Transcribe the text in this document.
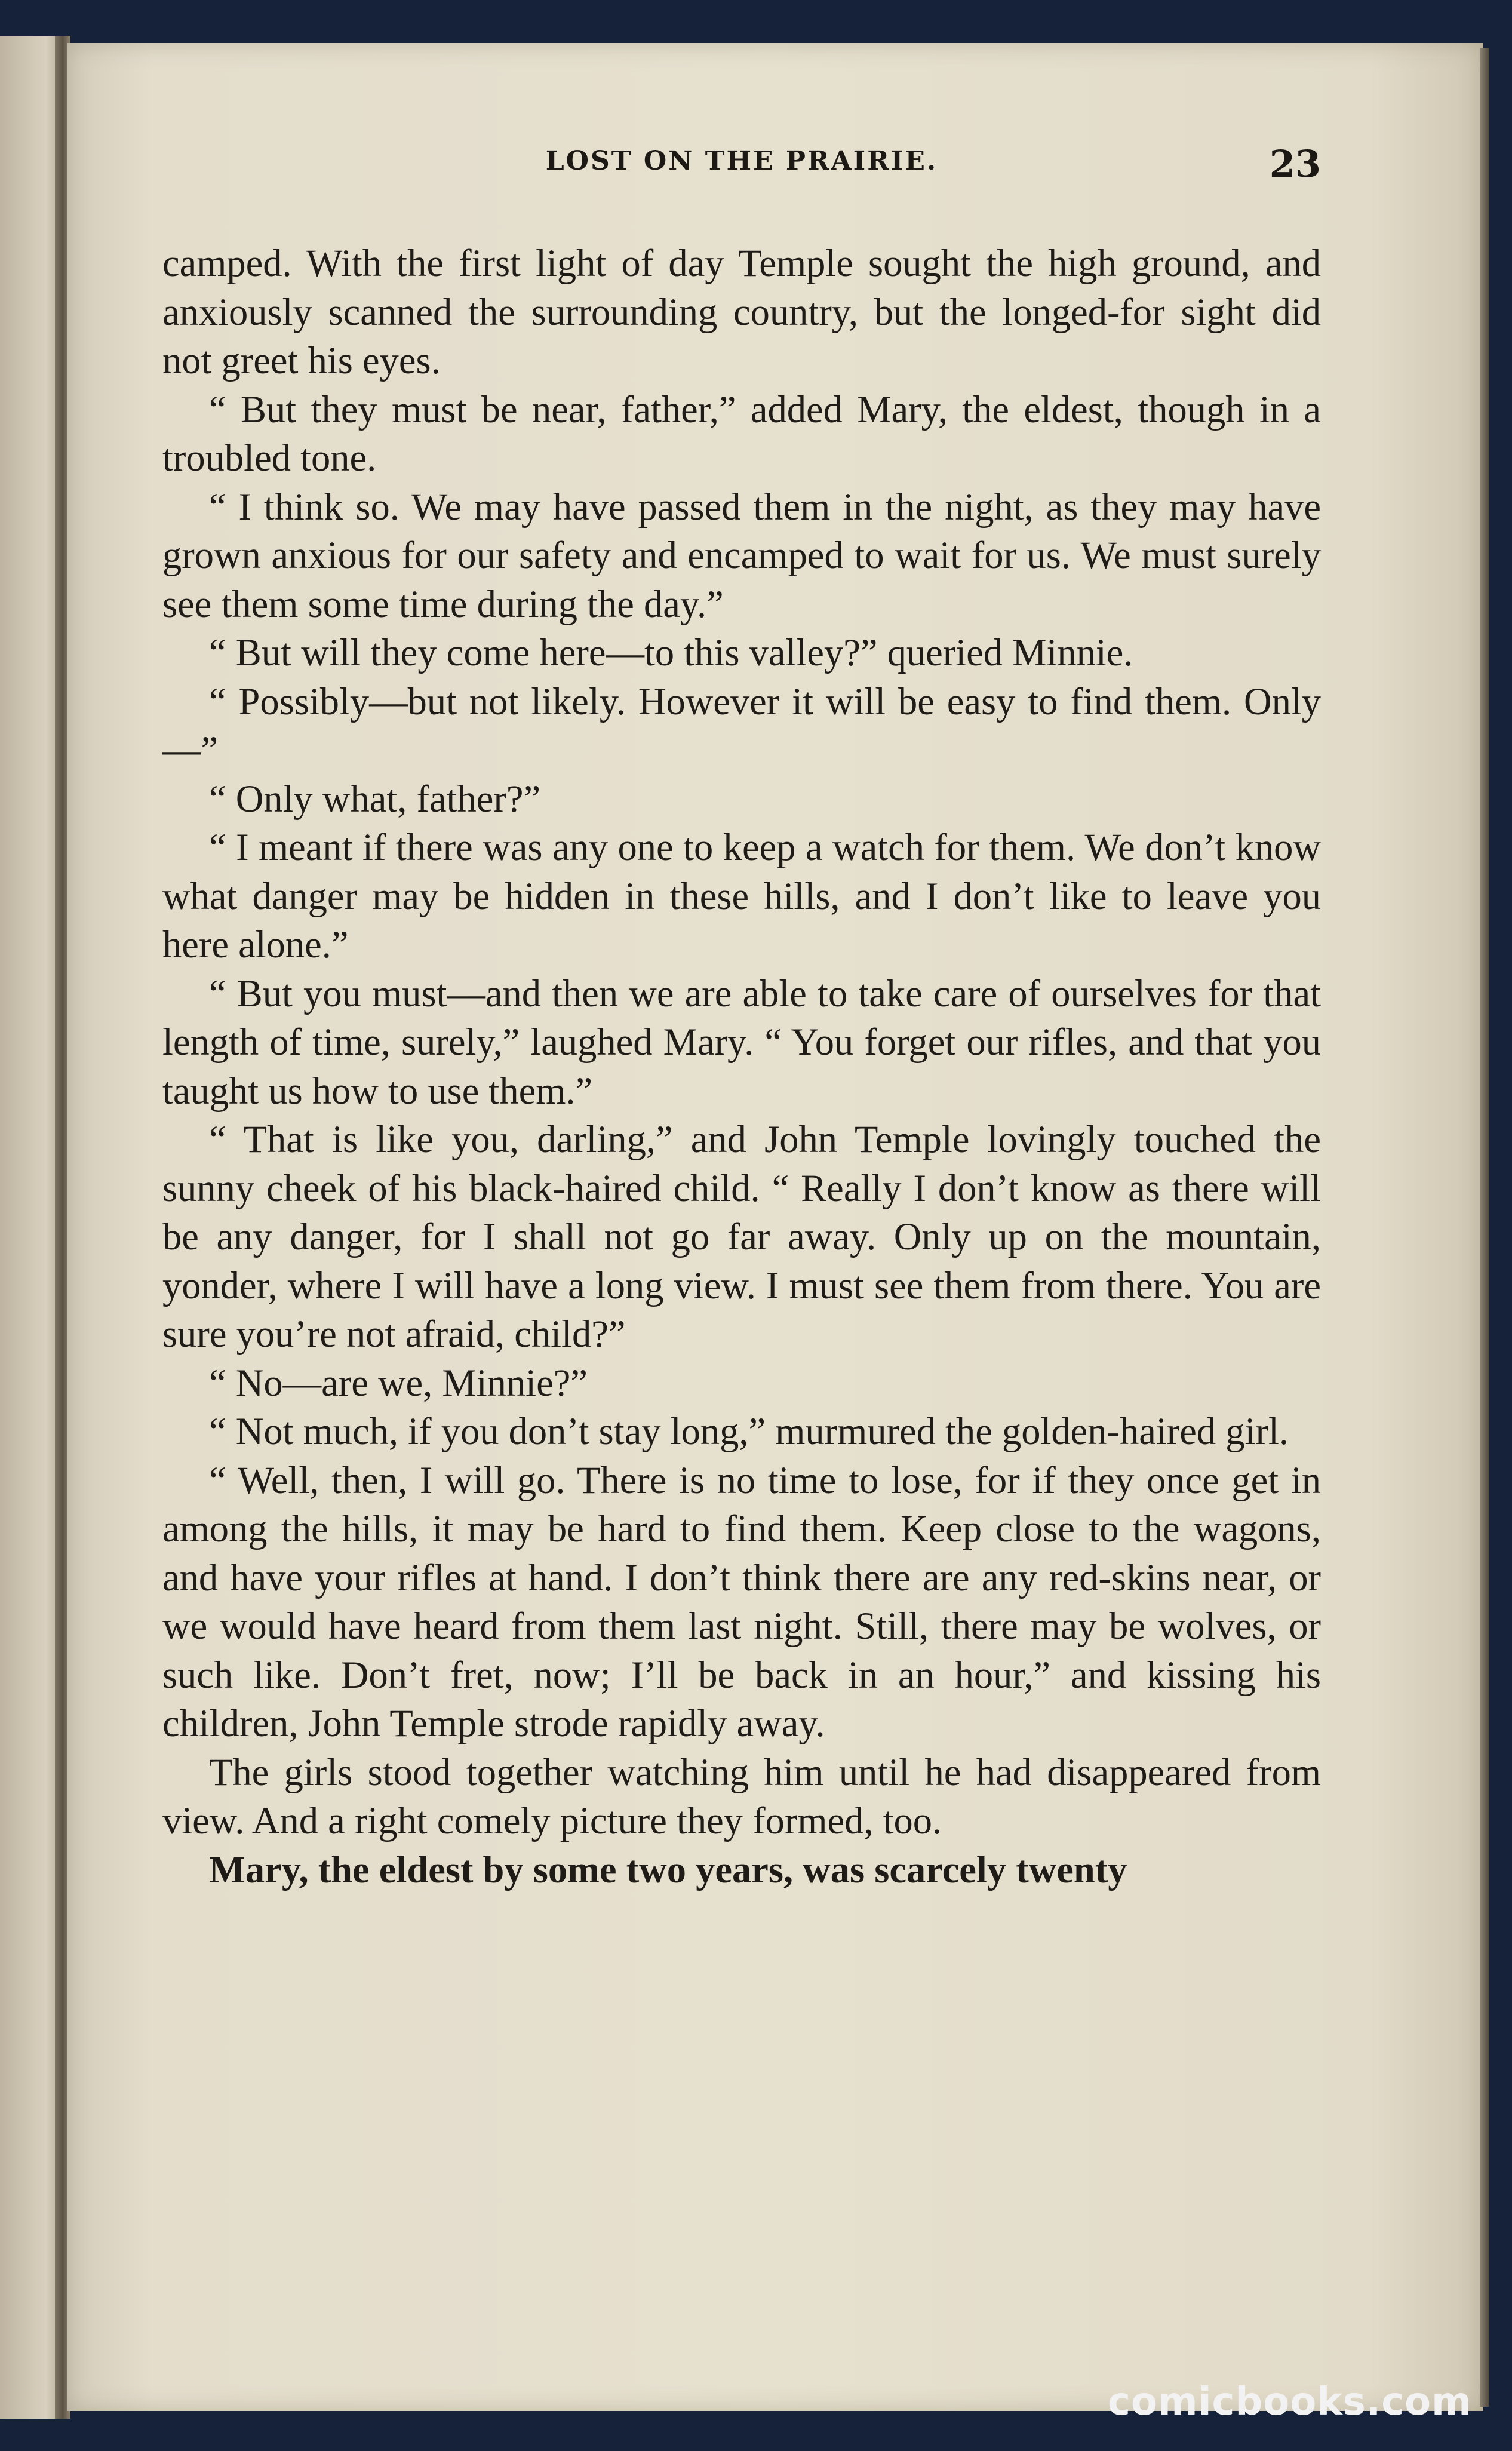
LOST ON THE PRAIRIE.	23

camped. With the first light of day Temple sought the high ground, and anxiously scanned the surrounding country, but the longed-for sight did not greet his eyes.

“ But they must be near, father,” added Mary, the eldest, though in a troubled tone.

“ I think so. We may have passed them in the night, as they may have grown anxious for our safety and encamped to wait for us. We must surely see them some time during the day.”

“ But will they come here—to this valley?” queried Minnie.

“ Possibly—but not likely. However it will be easy to find them. Only—”

“ Only what, father?”

“ I meant if there was any one to keep a watch for them. We don’t know what danger may be hidden in these hills, and I don’t like to leave you here alone.”

“ But you must—and then we are able to take care of ourselves for that length of time, surely,” laughed Mary. “ You forget our rifles, and that you taught us how to use them.”

“ That is like you, darling,” and John Temple lovingly touched the sunny cheek of his black-haired child. “ Really I don’t know as there will be any danger, for I shall not go far away. Only up on the mountain, yonder, where I will have a long view. I must see them from there. You are sure you’re not afraid, child?”

“ No—are we, Minnie?”

“ Not much, if you don’t stay long,” murmured the golden-haired girl.

“ Well, then, I will go. There is no time to lose, for if they once get in among the hills, it may be hard to find them. Keep close to the wagons, and have your rifles at hand. I don’t think there are any red-skins near, or we would have heard from them last night. Still, there may be wolves, or such like. Don’t fret, now; I’ll be back in an hour,” and kissing his children, John Temple strode rapidly away.

The girls stood together watching him until he had disappeared from view. And a right comely picture they formed, too.

Mary, the eldest by some two years, was scarcely twenty

comicbooks.com
